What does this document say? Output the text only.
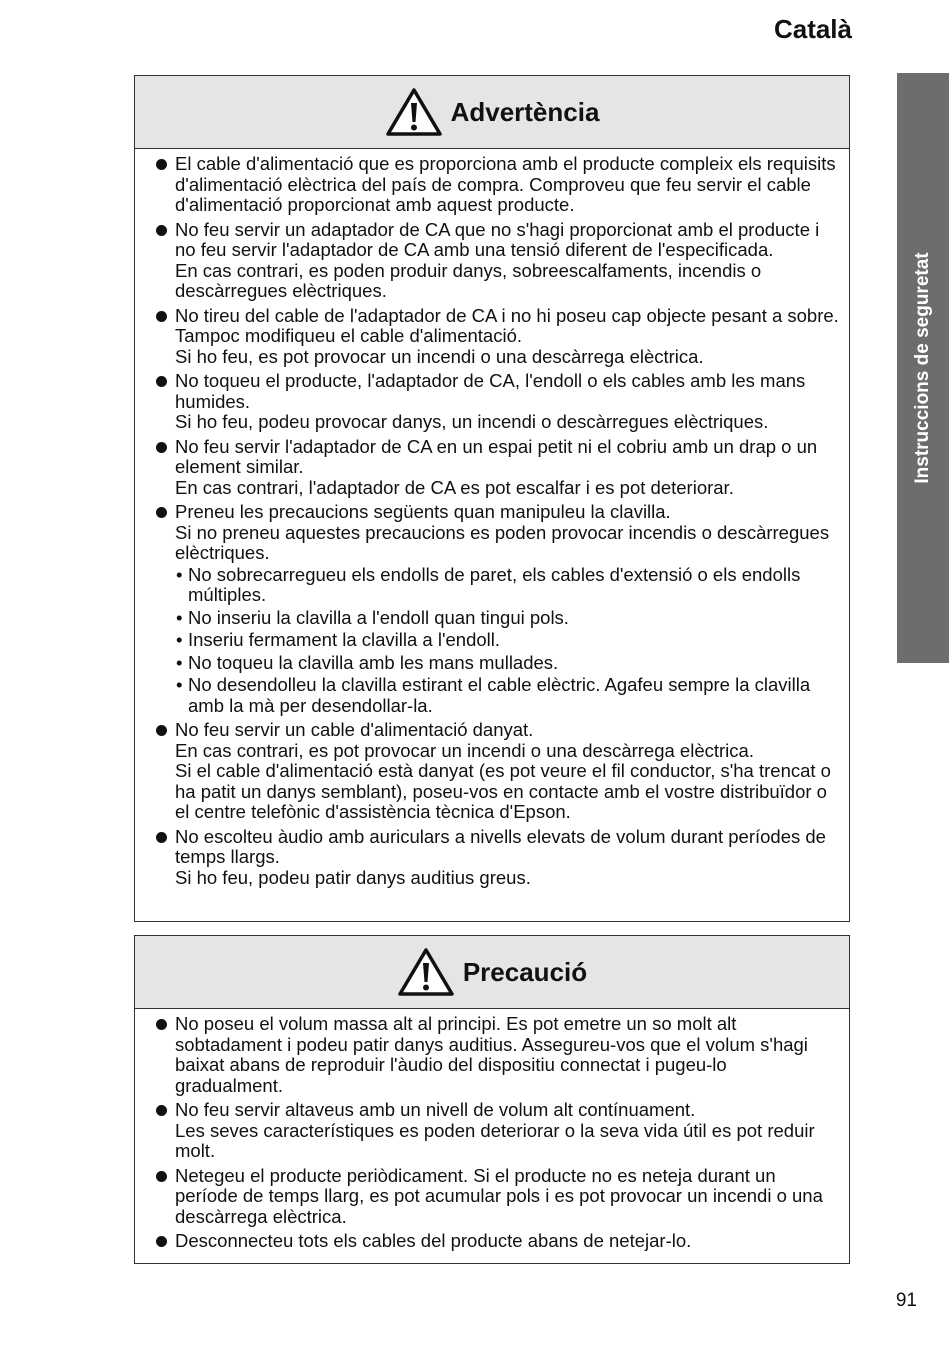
Català
Instruccions de seguretat
Advertència

El cable d'alimentació que es proporciona amb el producte compleix els requisits d'alimentació elèctrica del país de compra. Comproveu que feu servir el cable d'alimentació proporcionat amb aquest producte.

No feu servir un adaptador de CA que no s'hagi proporcionat amb el producte i no feu servir l'adaptador de CA amb una tensió diferent de l'especificada.

En cas contrari, es poden produir danys, sobreescalfaments, incendis o descàrregues elèctriques.

No tireu del cable de l'adaptador de CA i no hi poseu cap objecte pesant a sobre. Tampoc modifiqueu el cable d'alimentació.

Si ho feu, es pot provocar un incendi o una descàrrega elèctrica.

No toqueu el producte, l'adaptador de CA, l'endoll o els cables amb les mans humides.

Si ho feu, podeu provocar danys, un incendi o descàrregues elèctriques.

No feu servir l'adaptador de CA en un espai petit ni el cobriu amb un drap o un element similar.

En cas contrari, l'adaptador de CA es pot escalfar i es pot deteriorar.

Preneu les precaucions següents quan manipuleu la clavilla.

Si no preneu aquestes precaucions es poden provocar incendis o descàrregues elèctriques.

• No sobrecarregueu els endolls de paret, els cables d'extensió o els endolls múltiples.
• No inseriu la clavilla a l'endoll quan tingui pols.
• Inseriu fermament la clavilla a l'endoll.
• No toqueu la clavilla amb les mans mullades.
• No desendolleu la clavilla estirant el cable elèctric. Agafeu sempre la clavilla amb la mà per desendollar-la.

No feu servir un cable d'alimentació danyat.

En cas contrari, es pot provocar un incendi o una descàrrega elèctrica.

Si el cable d'alimentació està danyat (es pot veure el fil conductor, s'ha trencat o ha patit un danys semblant), poseu-vos en contacte amb el vostre distribuïdor o el centre telefònic d'assistència tècnica d'Epson.

No escolteu àudio amb auriculars a nivells elevats de volum durant períodes de temps llargs.

Si ho feu, podeu patir danys auditius greus.

Precaució

No poseu el volum massa alt al principi. Es pot emetre un so molt alt sobtadament i podeu patir danys auditius. Assegureu-vos que el volum s'hagi baixat abans de reproduir l'àudio del dispositiu connectat i pugeu-lo gradualment.

No feu servir altaveus amb un nivell de volum alt contínuament.

Les seves característiques es poden deteriorar o la seva vida útil es pot reduir molt.

Netegeu el producte periòdicament. Si el producte no es neteja durant un període de temps llarg, es pot acumular pols i es pot provocar un incendi o una descàrrega elèctrica.

Desconnecteu tots els cables del producte abans de netejar-lo.

91
